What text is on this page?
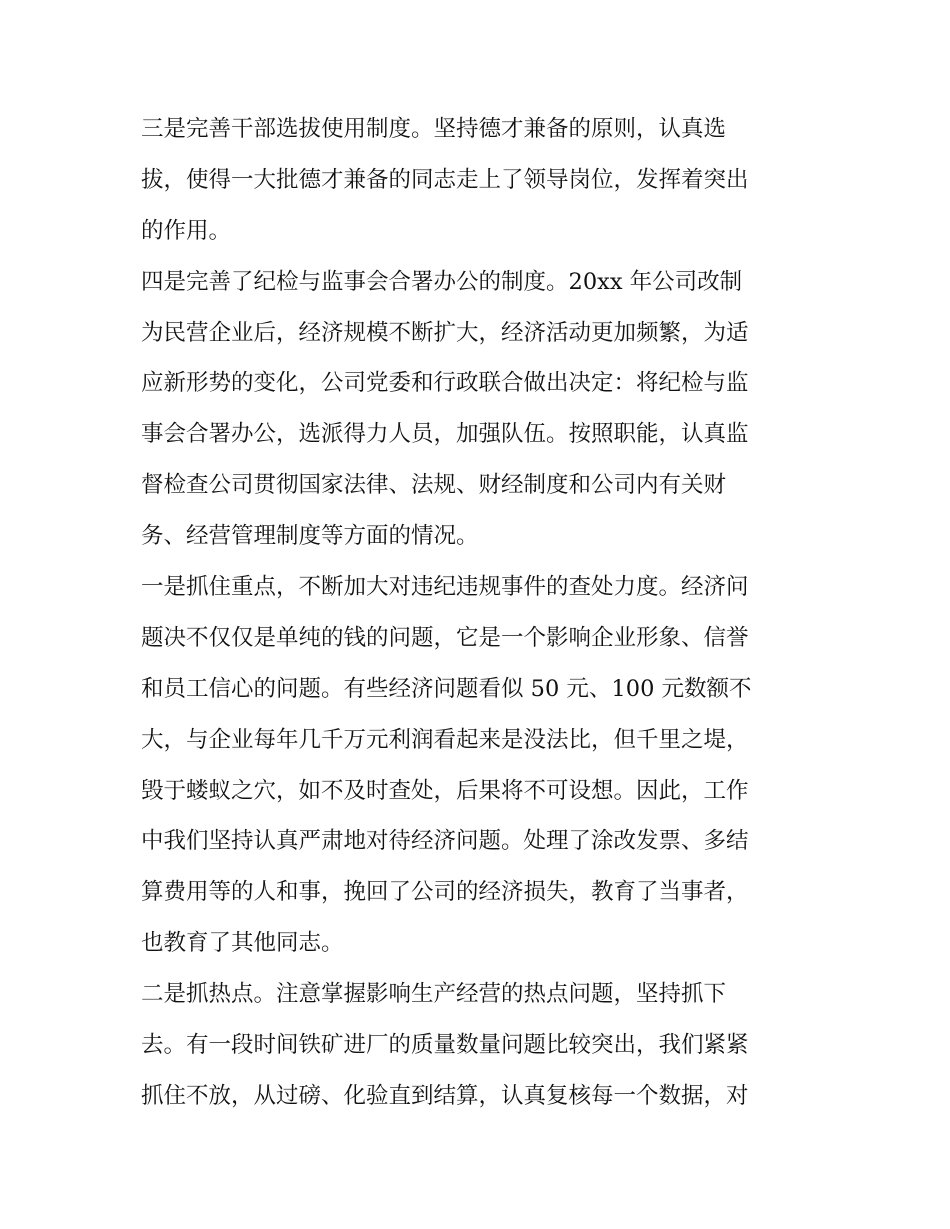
三是完善干部选拔使用制度。坚持德才兼备的原则，认真选
拔，使得一大批德才兼备的同志走上了领导岗位，发挥着突出
的作用。
四是完善了纪检与监事会合署办公的制度。20xx 年公司改制
为民营企业后，经济规模不断扩大，经济活动更加频繁，为适
应新形势的变化，公司党委和行政联合做出决定：将纪检与监
事会合署办公，选派得力人员，加强队伍。按照职能，认真监
督检查公司贯彻国家法律、法规、财经制度和公司内有关财
务、经营管理制度等方面的情况。
一是抓住重点，不断加大对违纪违规事件的查处力度。经济问
题决不仅仅是单纯的钱的问题，它是一个影响企业形象、信誉
和员工信心的问题。有些经济问题看似 50 元、100 元数额不
大，与企业每年几千万元利润看起来是没法比，但千里之堤，
毁于蝼蚁之穴，如不及时查处，后果将不可设想。因此，工作
中我们坚持认真严肃地对待经济问题。处理了涂改发票、多结
算费用等的人和事，挽回了公司的经济损失，教育了当事者，
也教育了其他同志。
二是抓热点。注意掌握影响生产经营的热点问题，坚持抓下
去。有一段时间铁矿进厂的质量数量问题比较突出，我们紧紧
抓住不放，从过磅、化验直到结算，认真复核每一个数据，对
